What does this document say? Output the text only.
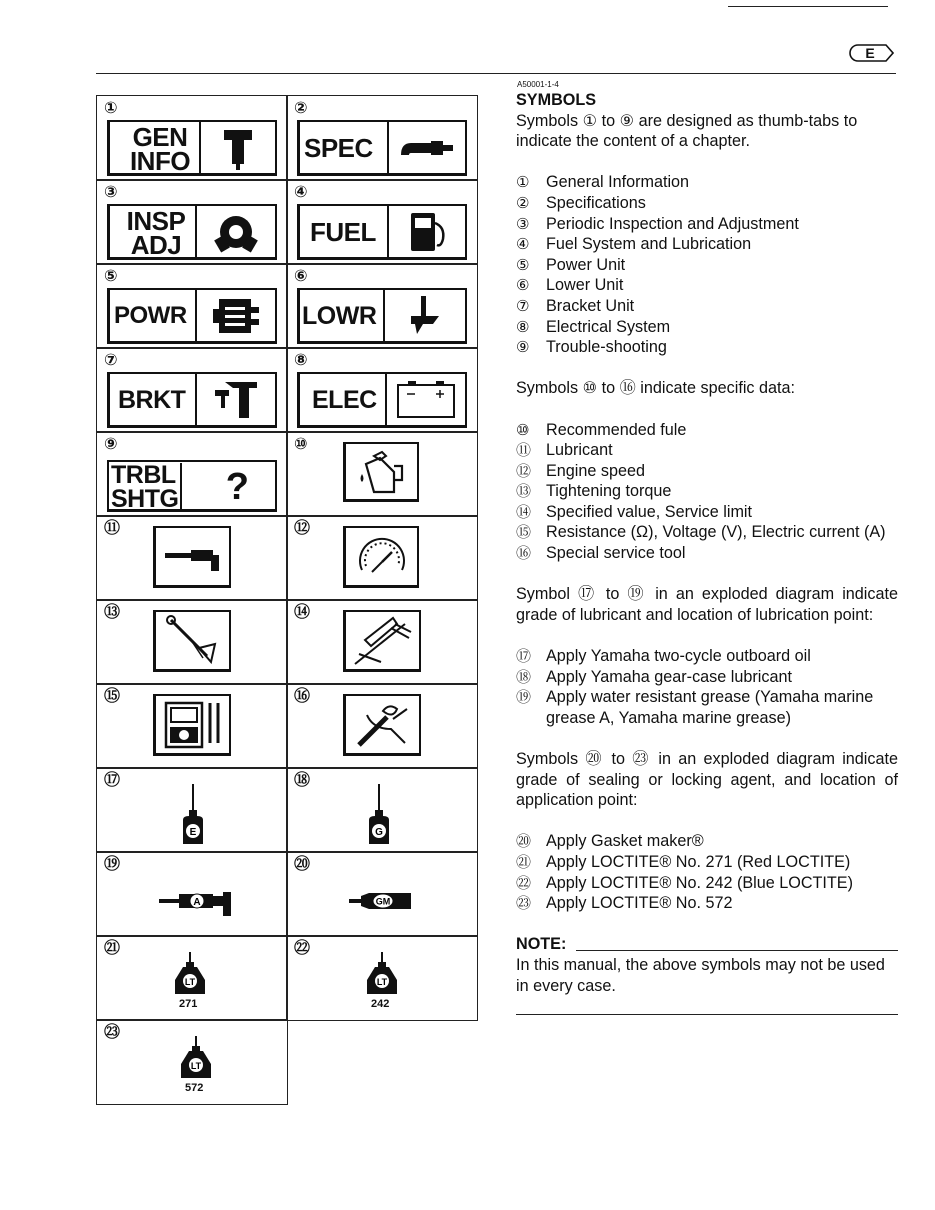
E
A50001-1-4
①
GEN
INFO
②
SPEC
③
INSP
ADJ
④
FUEL
⑤
POWR
⑥
LOWR
⑦
BRKT
⑧
ELEC
⑨
TRBL
SHTG ?
⑩
⑪	⑫
⑬	⑭
⑮	⑯
⑰
E
⑱
G
⑲
A
⑳
GM
㉑
LT
271
㉒
LT
242
㉓
LT
572

SYMBOLS

Symbols ① to ⑨ are designed as thumb-tabs to indicate the content of a chapter.

①	General Information
②	Specifications
③	Periodic Inspection and Adjustment
④	Fuel System and Lubrication
⑤	Power Unit
⑥	Lower Unit
⑦	Bracket Unit
⑧	Electrical System
⑨	Trouble-shooting

Symbols ⑩ to ⑯ indicate specific data:

⑩	Recommended fule
⑪ Lubricant
⑫ Engine speed
⑬ Tightening torque
⑭ Specified value, Service limit
⑮ Resistance (Ω), Voltage (V), Electric current (A)
⑯ Special service tool

Symbol ⑰ to ⑲ in an exploded diagram indicate grade of lubricant and location of lubrication point:

⑰ Apply Yamaha two-cycle outboard oil
⑱ Apply Yamaha gear-case lubricant
⑲ Apply water resistant grease (Yamaha marine grease A, Yamaha marine grease)

Symbols ⑳ to ㉓ in an exploded diagram indicate grade of sealing or locking agent, and location of application point:

⑳ Apply Gasket maker®
㉑ Apply LOCTITE® No. 271 (Red LOCTITE)
㉒ Apply LOCTITE® No. 242 (Blue LOCTITE)
㉓ Apply LOCTITE® No. 572
NOTE:

In this manual, the above symbols may not be used in every case.
